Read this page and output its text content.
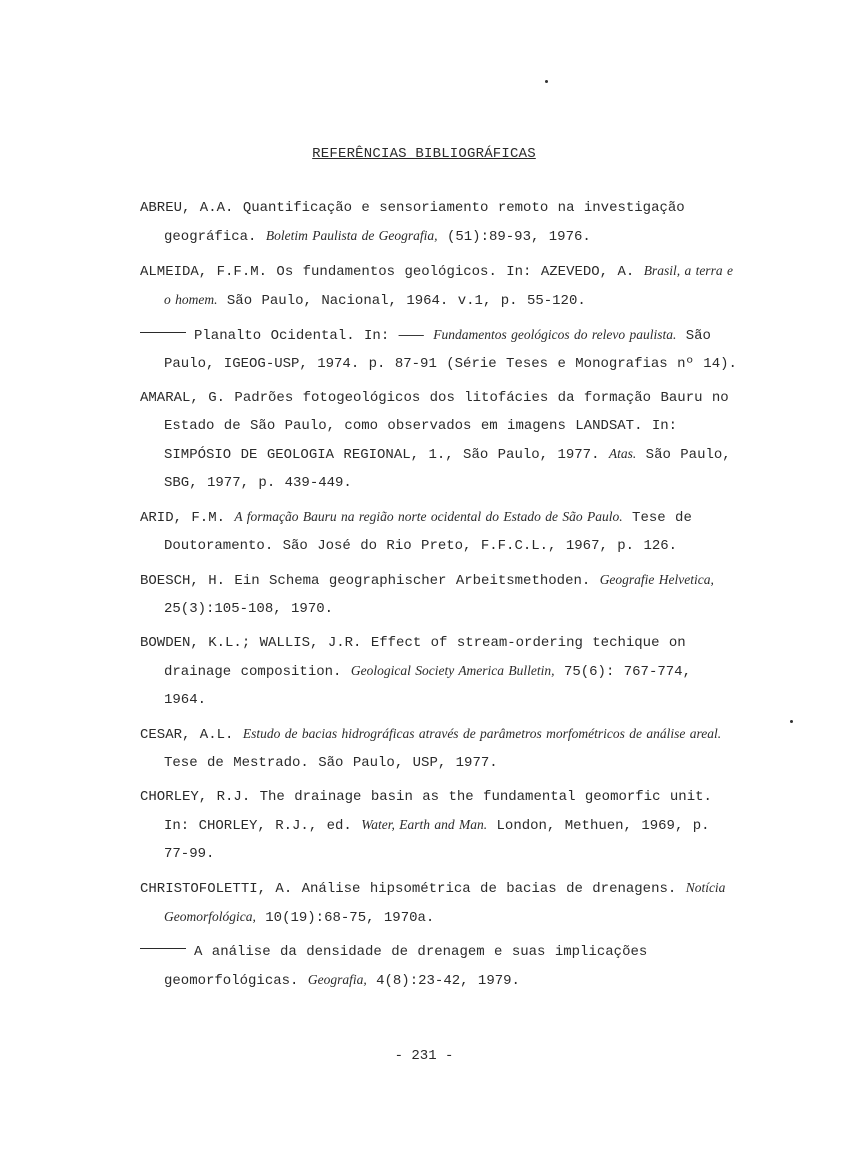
REFERÊNCIAS BIBLIOGRÁFICAS
ABREU, A.A. Quantificação e sensoriamento remoto na investigação geográfica. Boletim Paulista de Geografia, (51):89-93, 1976.
ALMEIDA, F.F.M. Os fundamentos geológicos. In: AZEVEDO, A. Brasil, a terra e o homem. São Paulo, Nacional, 1964. v.1, p. 55-120.
Planalto Ocidental. In: ——— Fundamentos geológicos do relevo paulista. São Paulo, IGEOG-USP, 1974. p. 87-91 (Série Teses e Monografias nº 14).
AMARAL, G. Padrões fotogeológicos dos litofácies da formação Bauru no Estado de São Paulo, como observados em imagens LANDSAT. In: SIMPÓSIO DE GEOLOGIA REGIONAL, 1., São Paulo, 1977. Atas. São Paulo, SBG, 1977, p. 439-449.
ARID, F.M. A formação Bauru na região norte ocidental do Estado de São Paulo. Tese de Doutoramento. São José do Rio Preto, F.F.C.L., 1967, p. 126.
BOESCH, H. Ein Schema geographischer Arbeitsmethoden. Geografie Helvetica, 25(3):105-108, 1970.
BOWDEN, K.L.; WALLIS, J.R. Effect of stream-ordering techique on drainage composition. Geological Society America Bulletin, 75(6): 767-774, 1964.
CESAR, A.L. Estudo de bacias hidrográficas através de parâmetros morfométricos de análise areal. Tese de Mestrado. São Paulo, USP, 1977.
CHORLEY, R.J. The drainage basin as the fundamental geomorfic unit. In: CHORLEY, R.J., ed. Water, Earth and Man. London, Methuen, 1969, p. 77-99.
CHRISTOFOLETTI, A. Análise hipsométrica de bacias de drenagens. Notícia Geomorfológica, 10(19):68-75, 1970a.
A análise da densidade de drenagem e suas implicações geomorfológicas. Geografia, 4(8):23-42, 1979.
- 231 -
